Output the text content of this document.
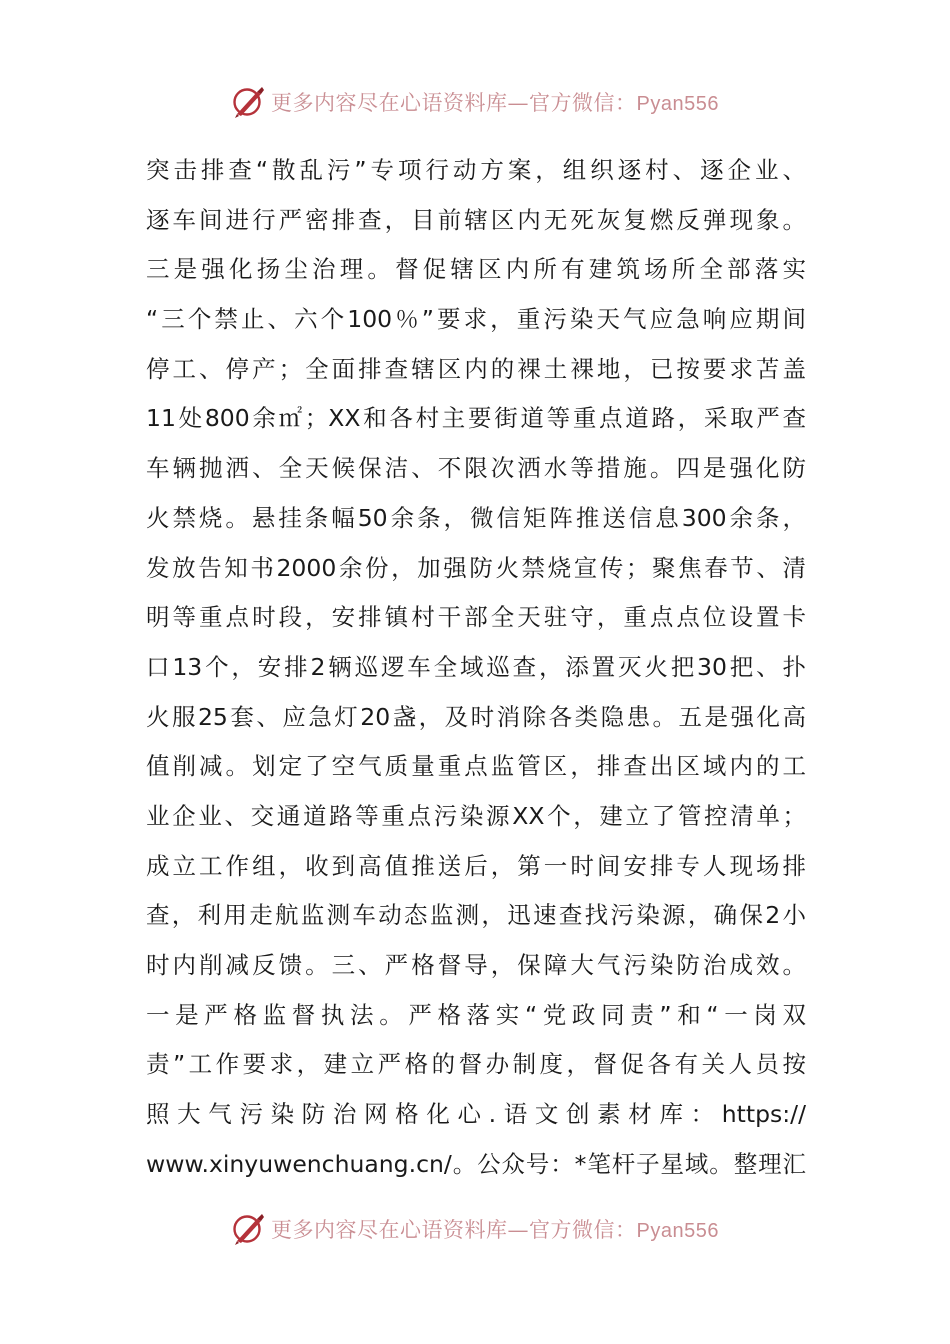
更多内容尽在心语资料库—官方微信：Pyan556
突击排查“散乱污”专项行动方案，组织逐村、逐企业、
逐车间进行严密排查，目前辖区内无死灰复燃反弹现象。
三是强化扬尘治理。督促辖区内所有建筑场所全部落实
“三个禁止、六个100％”要求，重污染天气应急响应期间
停工、停产；全面排查辖区内的裸土裸地，已按要求苫盖
11处800余㎡；XX和各村主要街道等重点道路，采取严查
车辆抛洒、全天候保洁、不限次洒水等措施。四是强化防
火禁烧。悬挂条幅50余条，微信矩阵推送信息300余条，
发放告知书2000余份，加强防火禁烧宣传；聚焦春节、清
明等重点时段，安排镇村干部全天驻守，重点点位设置卡
口13个，安排2辆巡逻车全域巡查，添置灭火把30把、扑
火服25套、应急灯20盏，及时消除各类隐患。五是强化高
值削减。划定了空气质量重点监管区，排查出区域内的工
业企业、交通道路等重点污染源XX个，建立了管控清单；
成立工作组，收到高值推送后，第一时间安排专人现场排
查，利用走航监测车动态监测，迅速查找污染源，确保2小
时内削减反馈。三、严格督导，保障大气污染防治成效。
一是严格监督执法。严格落实“党政同责”和“一岗双
责”工作要求，建立严格的督办制度，督促各有关人员按
照大气污染防治网格化心.语文创素材库：https://
www.xinyuwenchuang.cn/。公众号：*笔杆子星域。整理汇
更多内容尽在心语资料库—官方微信：Pyan556
